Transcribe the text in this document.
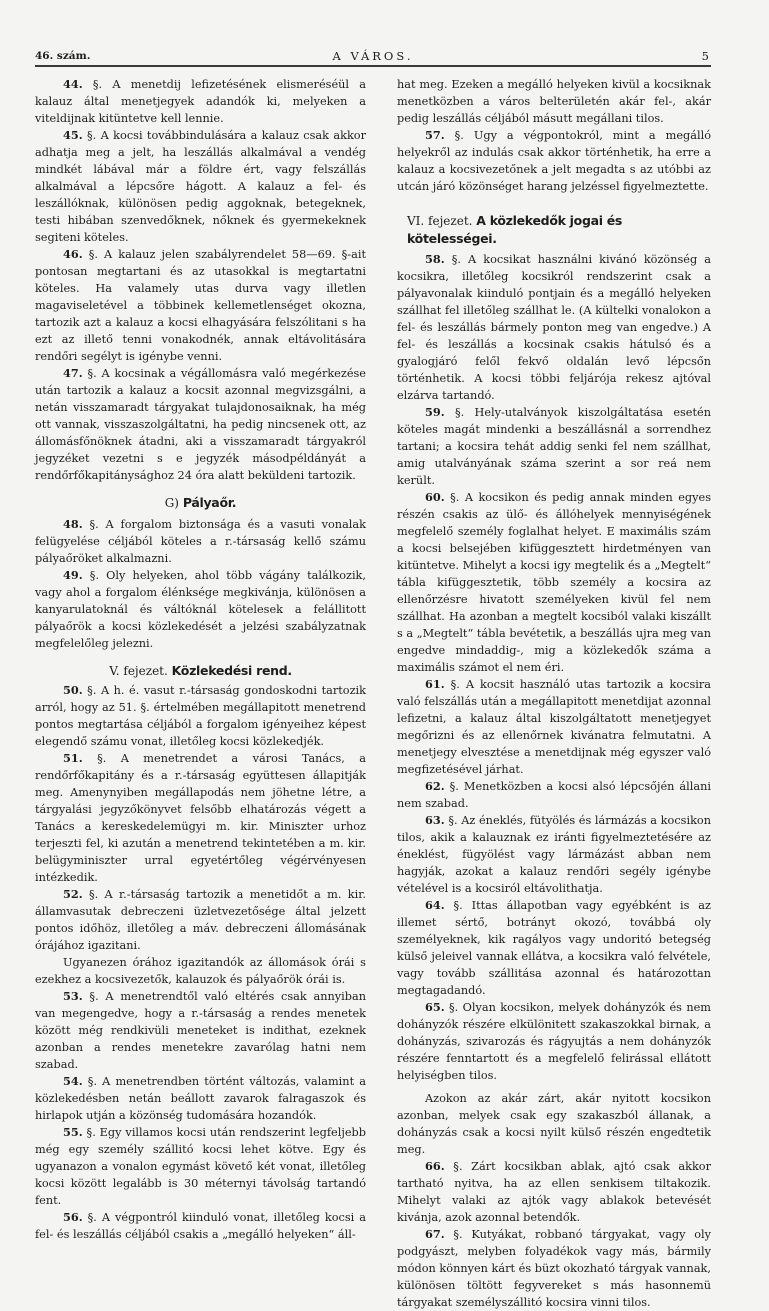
46. szám.	A VÁROS.	5

44. §. A menetdij lefizetésének elismeréséül a kalauz által menetjegyek adandók ki, melyeken a viteldijnak kitüntetve kell lennie.

45. §. A kocsi továbbindulására a kalauz csak akkor adhatja meg a jelt, ha leszállás alkalmával a vendég mindkét lábával már a földre ért, vagy felszállás alkalmával a lépcsőre hágott. A kalauz a fel- és leszállóknak, különösen pedig aggoknak, betegeknek, testi hibában szenvedőknek, nőknek és gyermekeknek segiteni köteles.

46. §. A kalauz jelen szabályrendelet 58—69. §-ait pontosan megtartani és az utasokkal is megtartatni köteles. Ha valamely utas durva vagy illetlen magaviseletével a többinek kellemetlenséget okozna, tartozik azt a kalauz a kocsi elhagyására felszólitani s ha ezt az illető tenni vonakodnék, annak eltávolitására rendőri segélyt is igénybe venni.

47. §. A kocsinak a végállomásra való megérkezése után tartozik a kalauz a kocsit azonnal megvizsgálni, a netán visszamaradt tárgyakat tulajdonosaiknak, ha még ott vannak, visszaszolgáltatni, ha pedig nincsenek ott, az állomásfőnöknek átadni, aki a visszamaradt tárgyakról jegyzéket vezetni s e jegyzék másodpéldányát a rendőrfőkapitánysághoz 24 óra alatt beküldeni tartozik.

G) Pályaőr.

48. §. A forgalom biztonsága és a vasuti vonalak felügyelése céljából köteles a r.-társaság kellő számu pályaőröket alkalmazni.

49. §. Oly helyeken, ahol több vágány találkozik, vagy ahol a forgalom élénksége megkivánja, különösen a kanyarulatoknál és váltóknál kötelesek a felállitott pályaőrök a kocsi közlekedését a jelzési szabályzatnak megfelelőleg jelezni.

V. fejezet. Közlekedési rend.

50. §. A h. é. vasut r.-társaság gondoskodni tartozik arról, hogy az 51. §. értelmében megállapitott menetrend pontos megtartása céljából a forgalom igényeihez képest elegendő számu vonat, illetőleg kocsi közlekedjék.

51. §. A menetrendet a városi Tanács, a rendőrfőkapitány és a r.-társaság együttesen állapitják meg. Amenynyiben megállapodás nem jöhetne létre, a tárgyalási jegyzőkönyvet felsőbb elhatározás végett a Tanács a kereskedelemügyi m. kir. Miniszter urhoz terjeszti fel, ki azután a menetrend tekintetében a m. kir. belügyminiszter urral egyetértőleg végérvényesen intézkedik.

52. §. A r.-társaság tartozik a menetidőt a m. kir. államvasutak debreczeni üzletvezetősége által jelzett pontos időhöz, illetőleg a máv. debreczeni állomásának órájához igazitani.

Ugyanezen órához igazitandók az állomások órái s ezekhez a kocsivezetők, kalauzok és pályaőrök órái is.

53. §. A menetrendtől való eltérés csak annyiban van megengedve, hogy a r.-társaság a rendes menetek között még rendkivüli meneteket is indithat, ezeknek azonban a rendes menetekre zavarólag hatni nem szabad.

54. §. A menetrendben történt változás, valamint a közlekedésben netán beállott zavarok falragaszok és hirlapok utján a közönség tudomására hozandók.

55. §. Egy villamos kocsi után rendszerint legfeljebb még egy személy szállitó kocsi lehet kötve. Egy és ugyanazon a vonalon egymást követő két vonat, illetőleg kocsi között legalább is 30 méternyi távolság tartandó fent.

56. §. A végpontról kiinduló vonat, illetőleg kocsi a fel- és leszállás céljából csakis a „megálló helyeken“ áll-

hat meg. Ezeken a megálló helyeken kivül a kocsiknak menetközben a város belterületén akár fel-, akár pedig leszállás céljából másutt megállani tilos.

57. §. Ugy a végpontokról, mint a megálló helyekről az indulás csak akkor történhetik, ha erre a kalauz a kocsivezetőnek a jelt megadta s az utóbbi az utcán járó közönséget harang jelzéssel figyelmeztette.

VI. fejezet. A közlekedők jogai és kötelességei.

58. §. A kocsikat használni kivánó közönség a kocsikra, illetőleg kocsikról rendszerint csak a pályavonalak kiinduló pontjain és a megálló helyeken szállhat fel illetőleg szállhat le. (A kültelki vonalokon a fel- és leszállás bármely ponton meg van engedve.) A fel- és leszállás a kocsinak csakis hátulsó és a gyalogjáró felől fekvő oldalán levő lépcsőn történhetik. A kocsi többi feljárója rekesz ajtóval elzárva tartandó.

59. §. Hely-utalványok kiszolgáltatása esetén köteles magát mindenki a beszállásnál a sorrendhez tartani; a kocsira tehát addig senki fel nem szállhat, amig utalványának száma szerint a sor reá nem került.

60. §. A kocsikon és pedig annak minden egyes részén csakis az ülő- és állóhelyek mennyiségének megfelelő személy foglalhat helyet. E maximális szám a kocsi belsejében kifüggesztett hirdetményen van kitüntetve. Mihelyt a kocsi igy megtelik és a „Megtelt“ tábla kifüggesztetik, több személy a kocsira az ellenőrzésre hivatott személyeken kivül fel nem szállhat. Ha azonban a megtelt kocsiból valaki kiszállt s a „Megtelt“ tábla bevétetik, a beszállás ujra meg van engedve mindaddig-, mig a közlekedők száma a maximális számot el nem éri.

61. §. A kocsit használó utas tartozik a kocsira való felszállás után a megállapitott menetdijat azonnal lefizetni, a kalauz által kiszolgáltatott menetjegyet megőrizni és az ellenőrnek kivánatra felmutatni. A menetjegy elvesztése a menetdijnak még egyszer való megfizetésével járhat.

62. §. Menetközben a kocsi alsó lépcsőjén állani nem szabad.

63. §. Az éneklés, fütyölés és lármázás a kocsikon tilos, akik a kalauznak ez iránti figyelmeztetésére az éneklést, fügyölést vagy lármázást abban nem hagyják, azokat a kalauz rendőri segély igénybe vételével is a kocsiról eltávolithatja.

64. §. Ittas állapotban vagy egyébként is az illemet sértő, botrányt okozó, továbbá oly személyeknek, kik ragályos vagy undoritó betegség külső jeleivel vannak ellátva, a kocsikra való felvétele, vagy tovább szállitása azonnal és határozottan megtagadandó.

65. §. Olyan kocsikon, melyek dohányzók és nem dohányzók részére elkülönitett szakaszokkal birnak, a dohányzás, szivarozás és rágyujtás a nem dohányzók részére fenntartott és a megfelelő felirással ellátott helyiségben tilos.

Azokon az akár zárt, akár nyitott kocsikon azonban, melyek csak egy szakaszból állanak, a dohányzás csak a kocsi nyilt külső részén engedtetik meg.

66. §. Zárt kocsikban ablak, ajtó csak akkor tartható nyitva, ha az ellen senkisem tiltakozik. Mihelyt valaki az ajtók vagy ablakok betevését kivánja, azok azonnal betendők.

67. §. Kutyákat, robbanó tárgyakat, vagy oly podgyászt, melyben folyadékok vagy más, bármily módon könnyen kárt és büzt okozható tárgyak vannak, különösen töltött fegyvereket s más hasonnemü tárgyakat személyszállitó kocsira vinni tilos.
